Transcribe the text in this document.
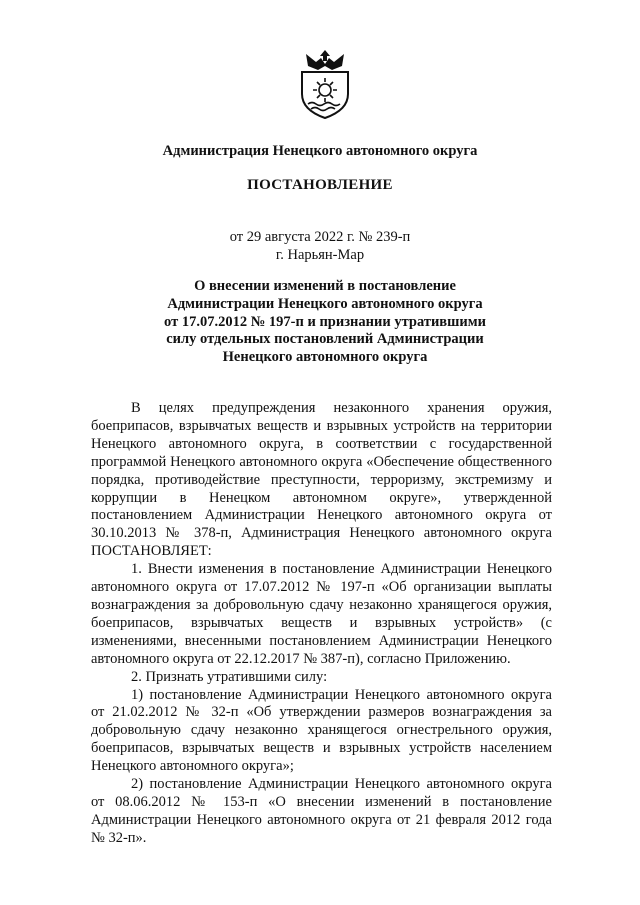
Администрация Ненецкого автономного округа
ПОСТАНОВЛЕНИЕ
от 29 августа 2022 г. № 239-п
г. Нарьян-Мар
О внесении изменений в постановление
Администрации Ненецкого автономного округа
от 17.07.2012 № 197-п и признании утратившими
силу отдельных постановлений Администрации
Ненецкого автономного округа

В целях предупреждения незаконного хранения оружия, боеприпасов, взрывчатых веществ и взрывных устройств на территории Ненецкого автономного округа, в соответствии с государственной программой Ненецкого автономного округа «Обеспечение общественного порядка, противодействие преступности, терроризму, экстремизму и коррупции в Ненецком автономном округе», утвержденной постановлением Администрации Ненецкого автономного округа от 30.10.2013 № 378-п, Администрация Ненецкого автономного округа ПОСТАНОВЛЯЕТ:

1. Внести изменения в постановление Администрации Ненецкого автономного округа от 17.07.2012 № 197-п «Об организации выплаты вознаграждения за добровольную сдачу незаконно хранящегося оружия, боеприпасов, взрывчатых веществ и взрывных устройств» (с изменениями, внесенными постановлением Администрации Ненецкого автономного округа от 22.12.2017 № 387-п), согласно Приложению.

2. Признать утратившими силу:

1) постановление Администрации Ненецкого автономного округа от 21.02.2012 № 32-п «Об утверждении размеров вознаграждения за добровольную сдачу незаконно хранящегося огнестрельного оружия, боеприпасов, взрывчатых веществ и взрывных устройств населением Ненецкого автономного округа»;

2) постановление Администрации Ненецкого автономного округа от 08.06.2012 № 153-п «О внесении изменений в постановление Администрации Ненецкого автономного округа от 21 февраля 2012 года № 32-п».
